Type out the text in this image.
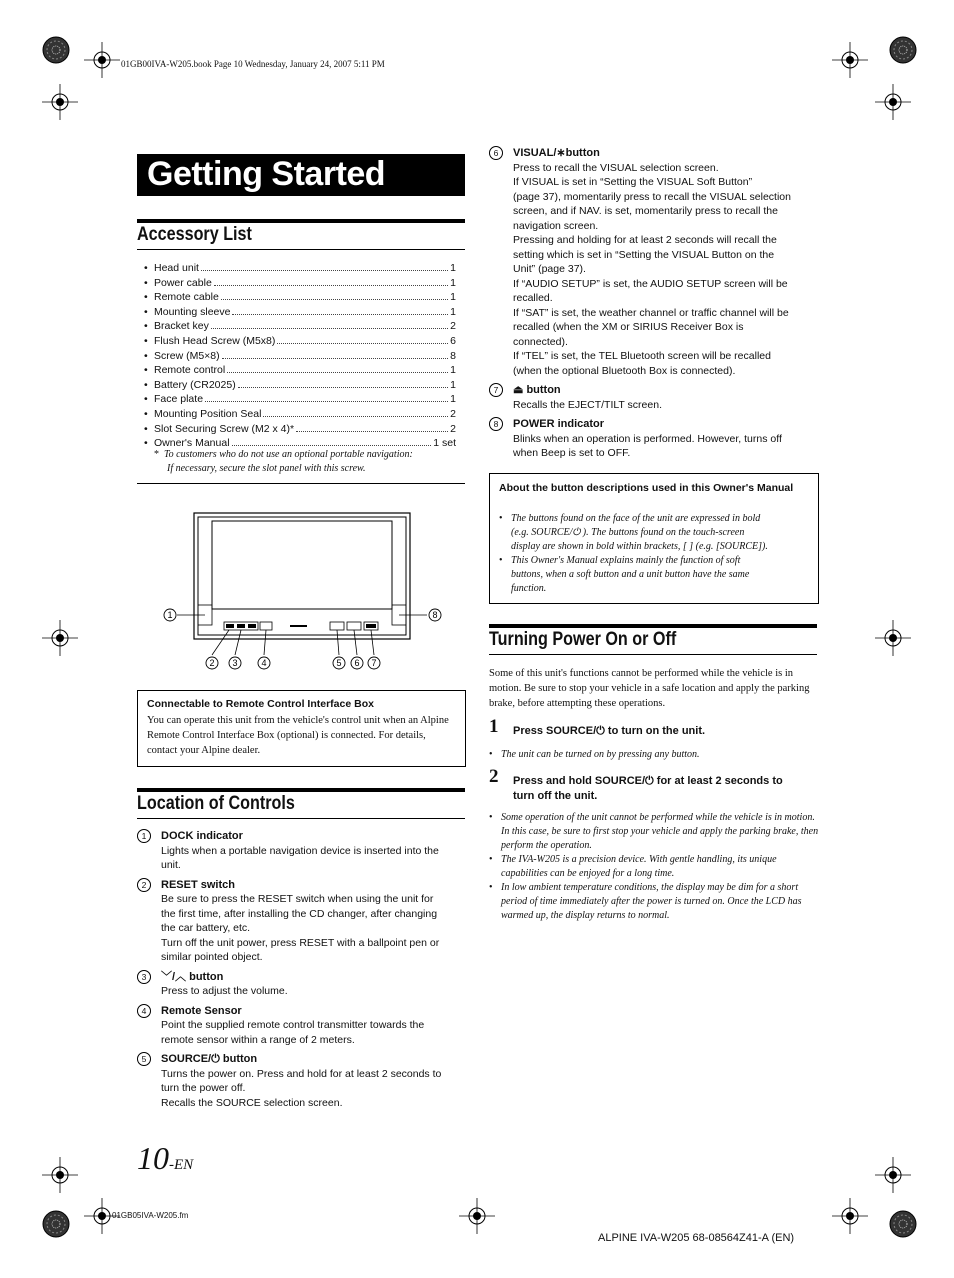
01GB00IVA-W205.book Page 10 Wednesday, January 24, 2007 5:11 PM
Getting Started
Accessory List
• Head unit	1
• Power cable	1
• Remote cable	1
• Mounting sleeve	1
• Bracket key	2
• Flush Head Screw (M5x8)	6
• Screw (M5×8)	8
• Remote control	1
• Battery (CR2025)	1
• Face plate	1
• Mounting Position Seal	2
• Slot Securing Screw (M2 x 4)*	2
• Owner's Manual	1 set
* To customers who do not use an optional portable navigation:
If necessary, secure the slot panel with this screw.
1	8
2 3	4	5 6 7
Connectable to Remote Control Interface Box
You can operate this unit from the vehicle's control unit when an Alpine Remote Control Interface Box (optional) is connected. For details, contact your Alpine dealer.
Location of Controls
1 DOCK indicator
Lights when a portable navigation device is inserted into the
unit.
2 RESET switch
Be sure to press the RESET switch when using the unit for
the first time, after installing the CD changer, after changing
the car battery, etc.
Turn off the unit power, press RESET with a ballpoint pen or
similar pointed object.
3 ﹀/︿ button
Press to adjust the volume.
4 Remote Sensor
Point the supplied remote control transmitter towards the
remote sensor within a range of 2 meters.
5 SOURCE/⏻ button
Turns the power on. Press and hold for at least 2 seconds to
turn the power off.
Recalls the SOURCE selection screen.
6 VISUAL/∗button
Press to recall the VISUAL selection screen.
If VISUAL is set in “Setting the VISUAL Soft Button”
(page 37), momentarily press to recall the VISUAL selection
screen, and if NAV. is set, momentarily press to recall the
navigation screen.
Pressing and holding for at least 2 seconds will recall the
setting which is set in “Setting the VISUAL Button on the
Unit” (page 37).
If “AUDIO SETUP” is set, the AUDIO SETUP screen will be
recalled.
If “SAT” is set, the weather channel or traffic channel will be
recalled (when the XM or SIRIUS Receiver Box is
connected).
If “TEL” is set, the TEL Bluetooth screen will be recalled
(when the optional Bluetooth Box is connected).
7 ⏏ button
Recalls the EJECT/TILT screen.
8 POWER indicator
Blinks when an operation is performed. However, turns off
when Beep is set to OFF.
About the button descriptions used in this Owner's Manual
• The buttons found on the face of the unit are expressed in bold
(e.g. SOURCE/⏻ ). The buttons found on the touch-screen
display are shown in bold within brackets, [ ] (e.g. [SOURCE]).
• This Owner's Manual explains mainly the function of soft
buttons, when a soft button and a unit button have the same
function.
Turning Power On or Off
Some of this unit's functions cannot be performed while the vehicle is in motion. Be sure to stop your vehicle in a safe location and apply the parking brake, before attempting these operations.
1 Press SOURCE/⏻ to turn on the unit.
• The unit can be turned on by pressing any button.
2 Press and hold SOURCE/⏻ for at least 2 seconds to
turn off the unit.
• Some operation of the unit cannot be performed while the vehicle is in motion. In this case, be sure to first stop your vehicle and apply the parking brake, then perform the operation.
• The IVA-W205 is a precision device. With gentle handling, its unique capabilities can be enjoyed for a long time.
• In low ambient temperature conditions, the display may be dim for a short period of time immediately after the power is turned on. Once the LCD has warmed up, the display returns to normal.
10-EN
01GB05IVA-W205.fm
ALPINE IVA-W205 68-08564Z41-A (EN)
